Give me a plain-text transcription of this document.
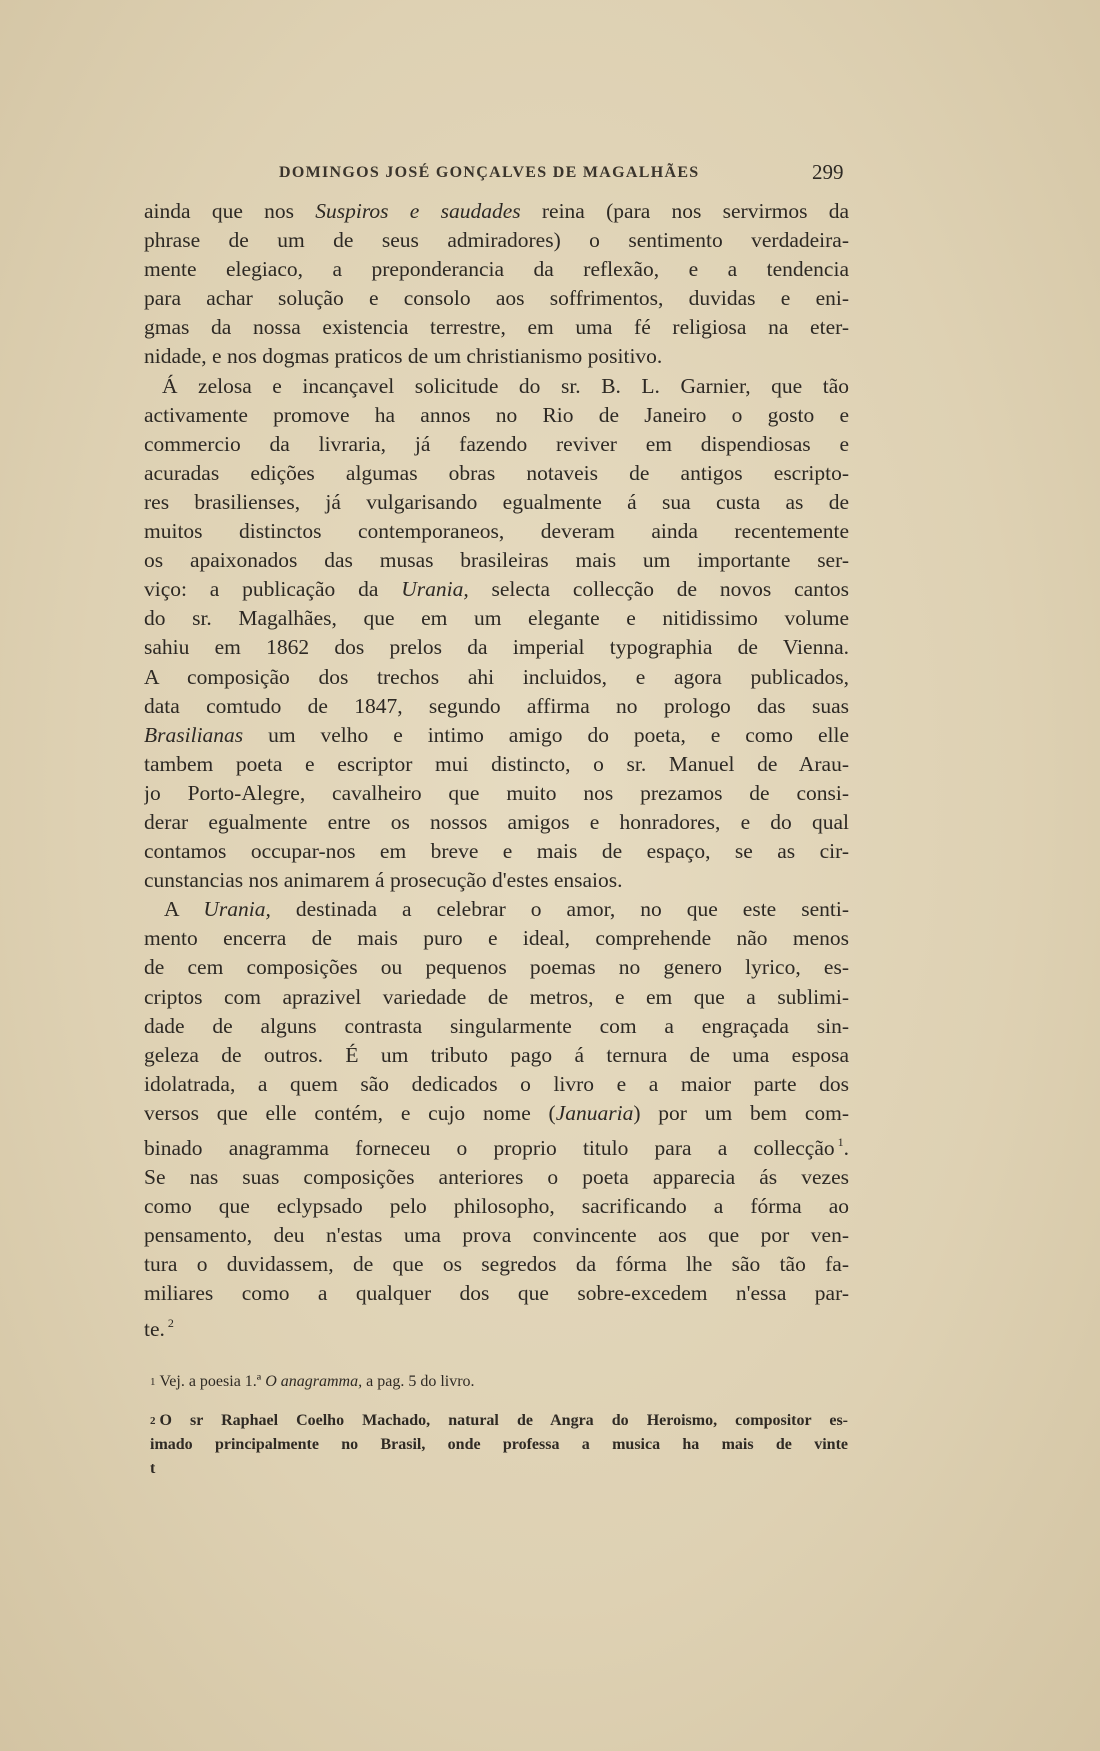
DOMINGOS JOSÉ GONÇALVES DE MAGALHÃES	299
ainda que nos Suspiros e saudades reina (para nos servirmos da
phrase de um de seus admiradores) o sentimento verdadeira-
mente elegiaco, a preponderancia da reflexão, e a tendencia
para achar solução e consolo aos soffrimentos, duvidas e eni-
gmas da nossa existencia terrestre, em uma fé religiosa na eter-
nidade, e nos dogmas praticos de um christianismo positivo.
Á zelosa e incançavel solicitude do sr. B. L. Garnier, que tão
activamente promove ha annos no Rio de Janeiro o gosto e
commercio da livraria, já fazendo reviver em dispendiosas e
acuradas edições algumas obras notaveis de antigos escripto-
res brasilienses, já vulgarisando egualmente á sua custa as de
muitos distinctos contemporaneos, deveram ainda recentemente
os apaixonados das musas brasileiras mais um importante ser-
viço: a publicação da Urania, selecta collecção de novos cantos
do sr. Magalhães, que em um elegante e nitidissimo volume
sahiu em 1862 dos prelos da imperial typographia de Vienna.
A composição dos trechos ahi incluidos, e agora publicados,
data comtudo de 1847, segundo affirma no prologo das suas
Brasilianas um velho e intimo amigo do poeta, e como elle
tambem poeta e escriptor mui distincto, o sr. Manuel de Arau-
jo Porto-Alegre, cavalheiro que muito nos prezamos de consi-
derar egualmente entre os nossos amigos e honradores, e do qual
contamos occupar-nos em breve e mais de espaço, se as cir-
cunstancias nos animarem á prosecução d'estes ensaios.
A Urania, destinada a celebrar o amor, no que este senti-
mento encerra de mais puro e ideal, comprehende não menos
de cem composições ou pequenos poemas no genero lyrico, es-
criptos com aprazivel variedade de metros, e em que a sublimi-
dade de alguns contrasta singularmente com a engraçada sin-
geleza de outros. É um tributo pago á ternura de uma esposa
idolatrada, a quem são dedicados o livro e a maior parte dos
versos que elle contém, e cujo nome (Januaria) por um bem com-
binado anagramma forneceu o proprio titulo para a collecção $^1$.
Se nas suas composições anteriores o poeta apparecia ás vezes
como que eclypsado pelo philosopho, sacrificando a fórma ao
pensamento, deu n'estas uma prova convincente aos que por ven-
tura o duvidassem, de que os segredos da fórma lhe são tão fa-
miliares como a qualquer dos que sobre-excedem n'essa par-
te. $^2$
1 Vej. a poesia 1.ª O anagramma, a pag. 5 do livro.
2 O sr Raphael Coelho Machado, natural de Angra do Heroismo, compositor es-
imado principalmente no Brasil, onde professa a musica ha mais de vinte
t
